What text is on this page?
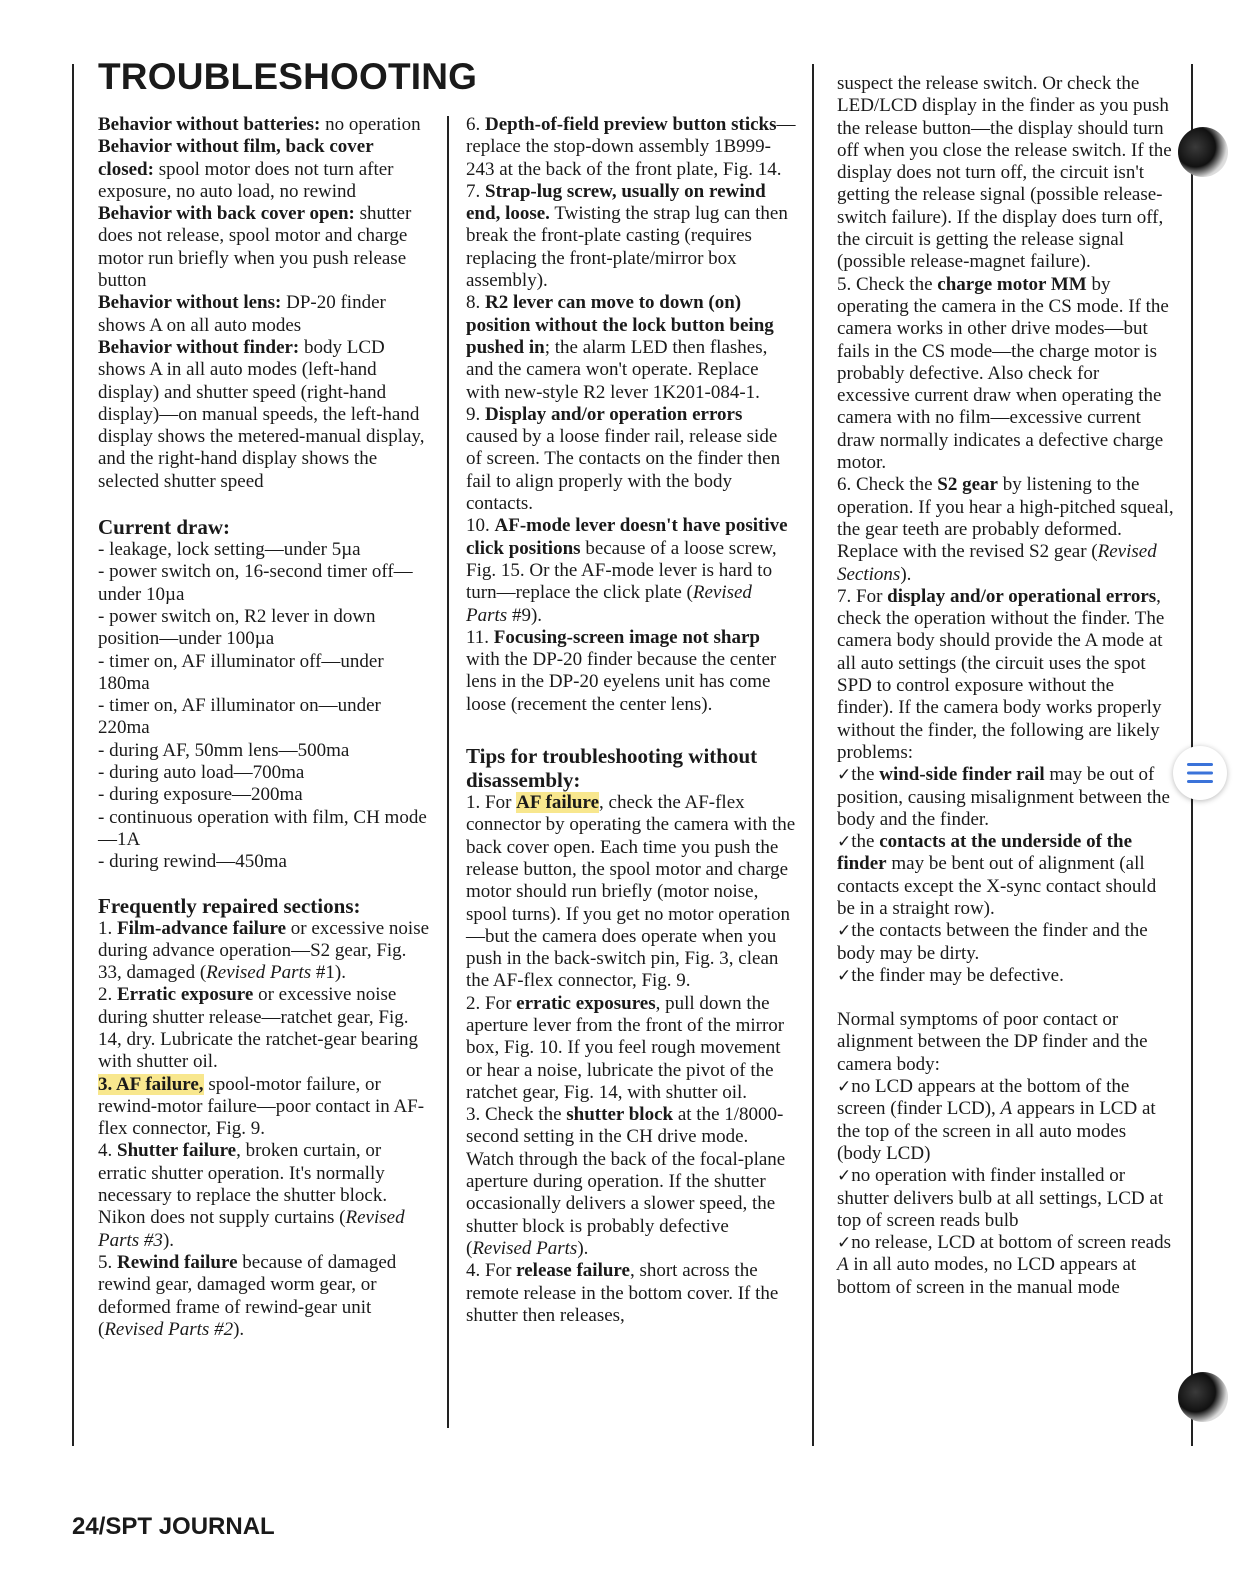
TROUBLESHOOTING

Behavior without batteries: no operation

Behavior without film, back cover closed: spool motor does not turn after exposure, no auto load, no rewind

Behavior with back cover open: shutter does not release, spool motor and charge motor run briefly when you push release button

Behavior without lens: DP-20 finder shows A on all auto modes

Behavior without finder: body LCD shows A in all auto modes (left-hand display) and shutter speed (right-hand display)—on manual speeds, the left-hand display shows the metered-manual display, and the right-hand display shows the selected shutter speed

Current draw:

- leakage, lock setting—under 5µa

- power switch on, 16-second timer off—under 10µa

- power switch on, R2 lever in down position—under 100µa

- timer on, AF illuminator off—under 180ma

- timer on, AF illuminator on—under 220ma

- during AF, 50mm lens—500ma

- during auto load—700ma

- during exposure—200ma

- continuous operation with film, CH mode—1A

- during rewind—450ma

Frequently repaired sections:

1. Film-advance failure or excessive noise during advance operation—S2 gear, Fig. 33, damaged (Revised Parts #1).

2. Erratic exposure or excessive noise during shutter release—ratchet gear, Fig. 14, dry. Lubricate the ratchet-gear bearing with shutter oil.

3. AF failure, spool-motor failure, or rewind-motor failure—poor contact in AF-flex connector, Fig. 9.

4. Shutter failure, broken curtain, or erratic shutter operation. It's normally necessary to replace the shutter block. Nikon does not supply curtains (Revised Parts #3).

5. Rewind failure because of damaged rewind gear, damaged worm gear, or deformed frame of rewind-gear unit (Revised Parts #2).

6. Depth-of-field preview button sticks—replace the stop-down assembly 1B999-243 at the back of the front plate, Fig. 14.

7. Strap-lug screw, usually on rewind end, loose. Twisting the strap lug can then break the front-plate casting (requires replacing the front-plate/mirror box assembly).

8. R2 lever can move to down (on) position without the lock button being pushed in; the alarm LED then flashes, and the camera won't operate. Replace with new-style R2 lever 1K201-084-1.

9. Display and/or operation errors caused by a loose finder rail, release side of screen. The contacts on the finder then fail to align properly with the body contacts.

10. AF-mode lever doesn't have positive click positions because of a loose screw, Fig. 15. Or the AF-mode lever is hard to turn—replace the click plate (Revised Parts #9).

11. Focusing-screen image not sharp with the DP-20 finder because the center lens in the DP-20 eyelens unit has come loose (recement the center lens).

Tips for troubleshooting without disassembly:

1. For AF failure, check the AF-flex connector by operating the camera with the back cover open. Each time you push the release button, the spool motor and charge motor should run briefly (motor noise, spool turns). If you get no motor operation—but the camera does operate when you push in the back-switch pin, Fig. 3, clean the AF-flex connector, Fig. 9.

2. For erratic exposures, pull down the aperture lever from the front of the mirror box, Fig. 10. If you feel rough movement or hear a noise, lubricate the pivot of the ratchet gear, Fig. 14, with shutter oil.

3. Check the shutter block at the 1/8000-second setting in the CH drive mode. Watch through the back of the focal-plane aperture during operation. If the shutter occasionally delivers a slower speed, the shutter block is probably defective (Revised Parts).

4. For release failure, short across the remote release in the bottom cover. If the shutter then releases,

suspect the release switch. Or check the LED/LCD display in the finder as you push the release button—the display should turn off when you close the release switch. If the display does not turn off, the circuit isn't getting the release signal (possible release-switch failure). If the display does turn off, the circuit is getting the release signal (possible release-magnet failure).

5. Check the charge motor MM by operating the camera in the CS mode. If the camera works in other drive modes—but fails in the CS mode—the charge motor is probably defective. Also check for excessive current draw when operating the camera with no film—excessive current draw normally indicates a defective charge motor.

6. Check the S2 gear by listening to the operation. If you hear a high-pitched squeal, the gear teeth are probably deformed. Replace with the revised S2 gear (Revised Sections).

7. For display and/or operational errors, check the operation without the finder. The camera body should provide the A mode at all auto settings (the circuit uses the spot SPD to control exposure without the finder). If the camera body works properly without the finder, the following are likely problems:

✓the wind-side finder rail may be out of position, causing misalignment between the body and the finder.

✓the contacts at the underside of the finder may be bent out of alignment (all contacts except the X-sync contact should be in a straight row).

✓the contacts between the finder and the body may be dirty.

✓the finder may be defective.

Normal symptoms of poor contact or alignment between the DP finder and the camera body:

✓no LCD appears at the bottom of the screen (finder LCD), A appears in LCD at the top of the screen in all auto modes (body LCD)

✓no operation with finder installed or shutter delivers bulb at all settings, LCD at top of screen reads bulb

✓no release, LCD at bottom of screen reads A in all auto modes, no LCD appears at bottom of screen in the manual mode

24/SPT JOURNAL
